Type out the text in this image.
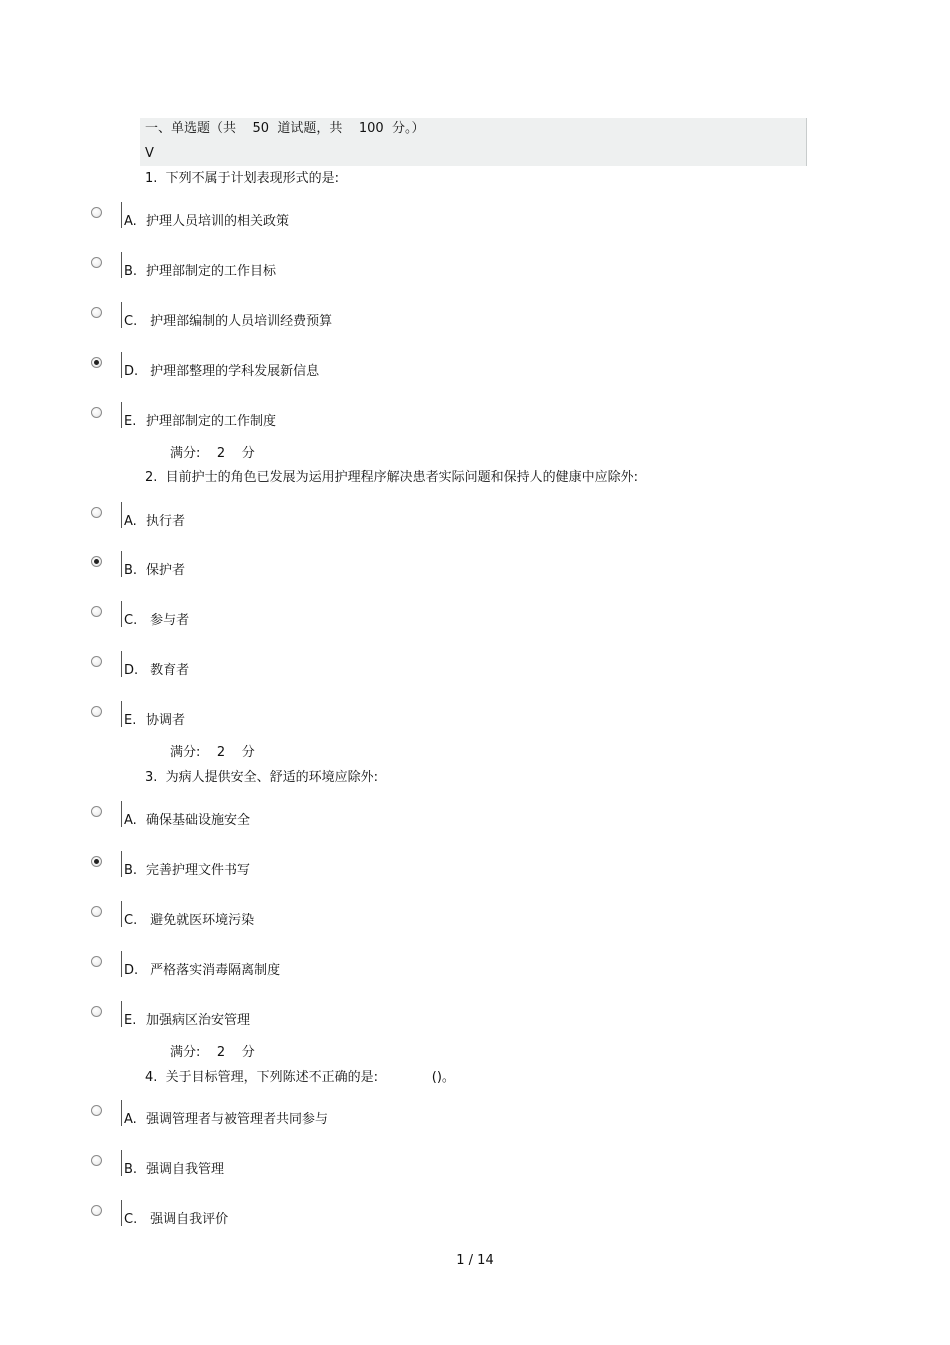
一、单选题（共    50  道试题，共    100  分。）
V
1.  下列不属于计划表现形式的是:
A. 护理人员培训的相关政策
B. 护理部制定的工作目标
C. 护理部编制的人员培训经费预算
D. 护理部整理的学科发展新信息
E. 护理部制定的工作制度
满分:    2    分
2.  目前护士的角色已发展为运用护理程序解决患者实际问题和保持人的健康中应除外:
A. 执行者
B. 保护者
C. 参与者
D. 教育者
E. 协调者
满分:    2    分
3.  为病人提供安全、舒适的环境应除外:
A. 确保基础设施安全
B. 完善护理文件书写
C. 避免就医环境污染
D. 严格落实消毒隔离制度
E. 加强病区治安管理
满分:    2    分
4.  关于目标管理，下列陈述不正确的是:             ()。
A. 强调管理者与被管理者共同参与
B. 强调自我管理
C. 强调自我评价
1 / 14
